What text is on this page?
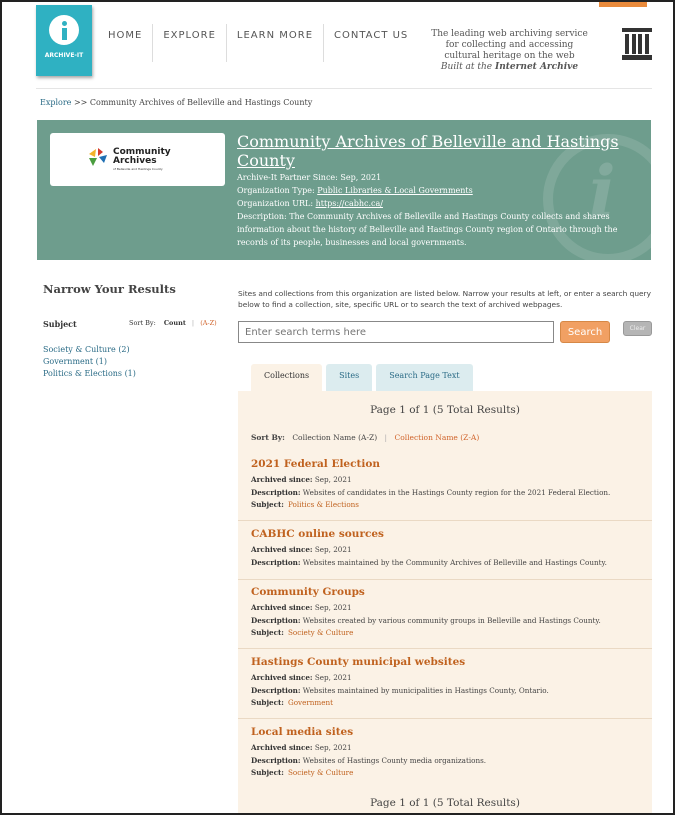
ARCHIVE-IT
HOME	EXPLORE	LEARN MORE	CONTACT US	The leading web archiving service
for collecting and accessing
cultural heritage on the web
Built at the Internet Archive
Explore >> Community Archives of Belleville and Hastings County
i
Community
Archives
of Belleville and Hastings County
Community Archives of Belleville and Hastings County
Archive-It Partner Since: Sep, 2021
Organization Type: Public Libraries & Local Governments
Organization URL: https://cabhc.ca/
Description: The Community Archives of Belleville and Hastings County collects and shares information about the history of Belleville and Hastings County region of Ontario through the records of its people, businesses and local governments.
Narrow Your Results
Subject	Sort By: Count | (A-Z)
Society & Culture (2)
Government (1)
Politics & Elections (1)
Sites and collections from this organization are listed below. Narrow your results at left, or enter a search query below to find a collection, site, specific URL or to search the text of archived webpages.
Enter search terms here
Search	Clear
Collections	Sites	Search Page Text
Page 1 of 1 (5 Total Results)
Sort By: Collection Name (A-Z) | Collection Name (Z-A)
2021 Federal Election
Archived since: Sep, 2021
Description: Websites of candidates in the Hastings County region for the 2021 Federal Election.
Subject: Politics & Elections
CABHC online sources
Archived since: Sep, 2021
Description: Websites maintained by the Community Archives of Belleville and Hastings County.
Community Groups
Archived since: Sep, 2021
Description: Websites created by various community groups in Belleville and Hastings County.
Subject: Society & Culture
Hastings County municipal websites
Archived since: Sep, 2021
Description: Websites maintained by municipalities in Hastings County, Ontario.
Subject: Government
Local media sites
Archived since: Sep, 2021
Description: Websites of Hastings County media organizations.
Subject: Society & Culture
Page 1 of 1 (5 Total Results)
